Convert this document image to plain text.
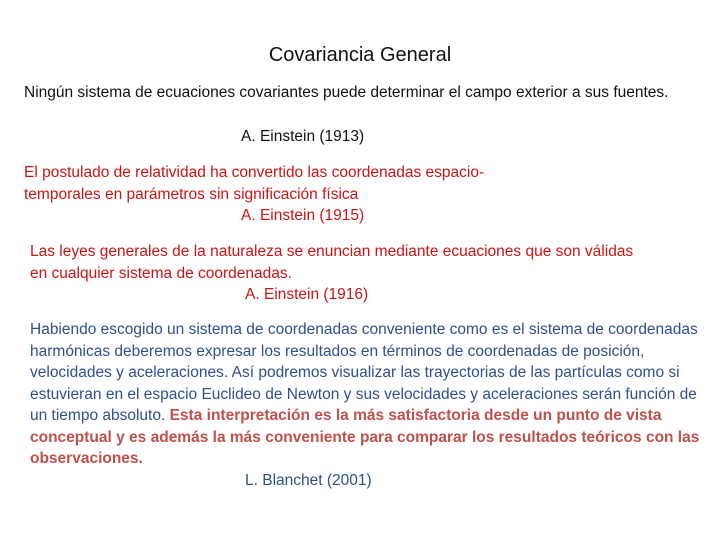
Covariancia General
Ningún sistema de ecuaciones covariantes puede determinar el campo exterior a sus fuentes.
A. Einstein (1913)
El postulado de relatividad ha convertido las coordenadas espacio-
temporales en parámetros sin significación física
A. Einstein (1915)
Las leyes generales de la naturaleza se enuncian mediante ecuaciones que son válidas en cualquier sistema de coordenadas.
A. Einstein (1916)
Habiendo escogido un sistema de coordenadas conveniente como es el sistema de coordenadas harmónicas deberemos expresar los resultados en términos de coordenadas de posición, velocidades y aceleraciones. Así podremos visualizar las trayectorias de las partículas como si estuvieran en el espacio Euclideo de Newton y sus velocidades y aceleraciones serán función de un tiempo absoluto. Esta interpretación es la más satisfactoria desde un punto de vista conceptual y es además la más conveniente para comparar los resultados teóricos con las observaciones.
L. Blanchet (2001)
